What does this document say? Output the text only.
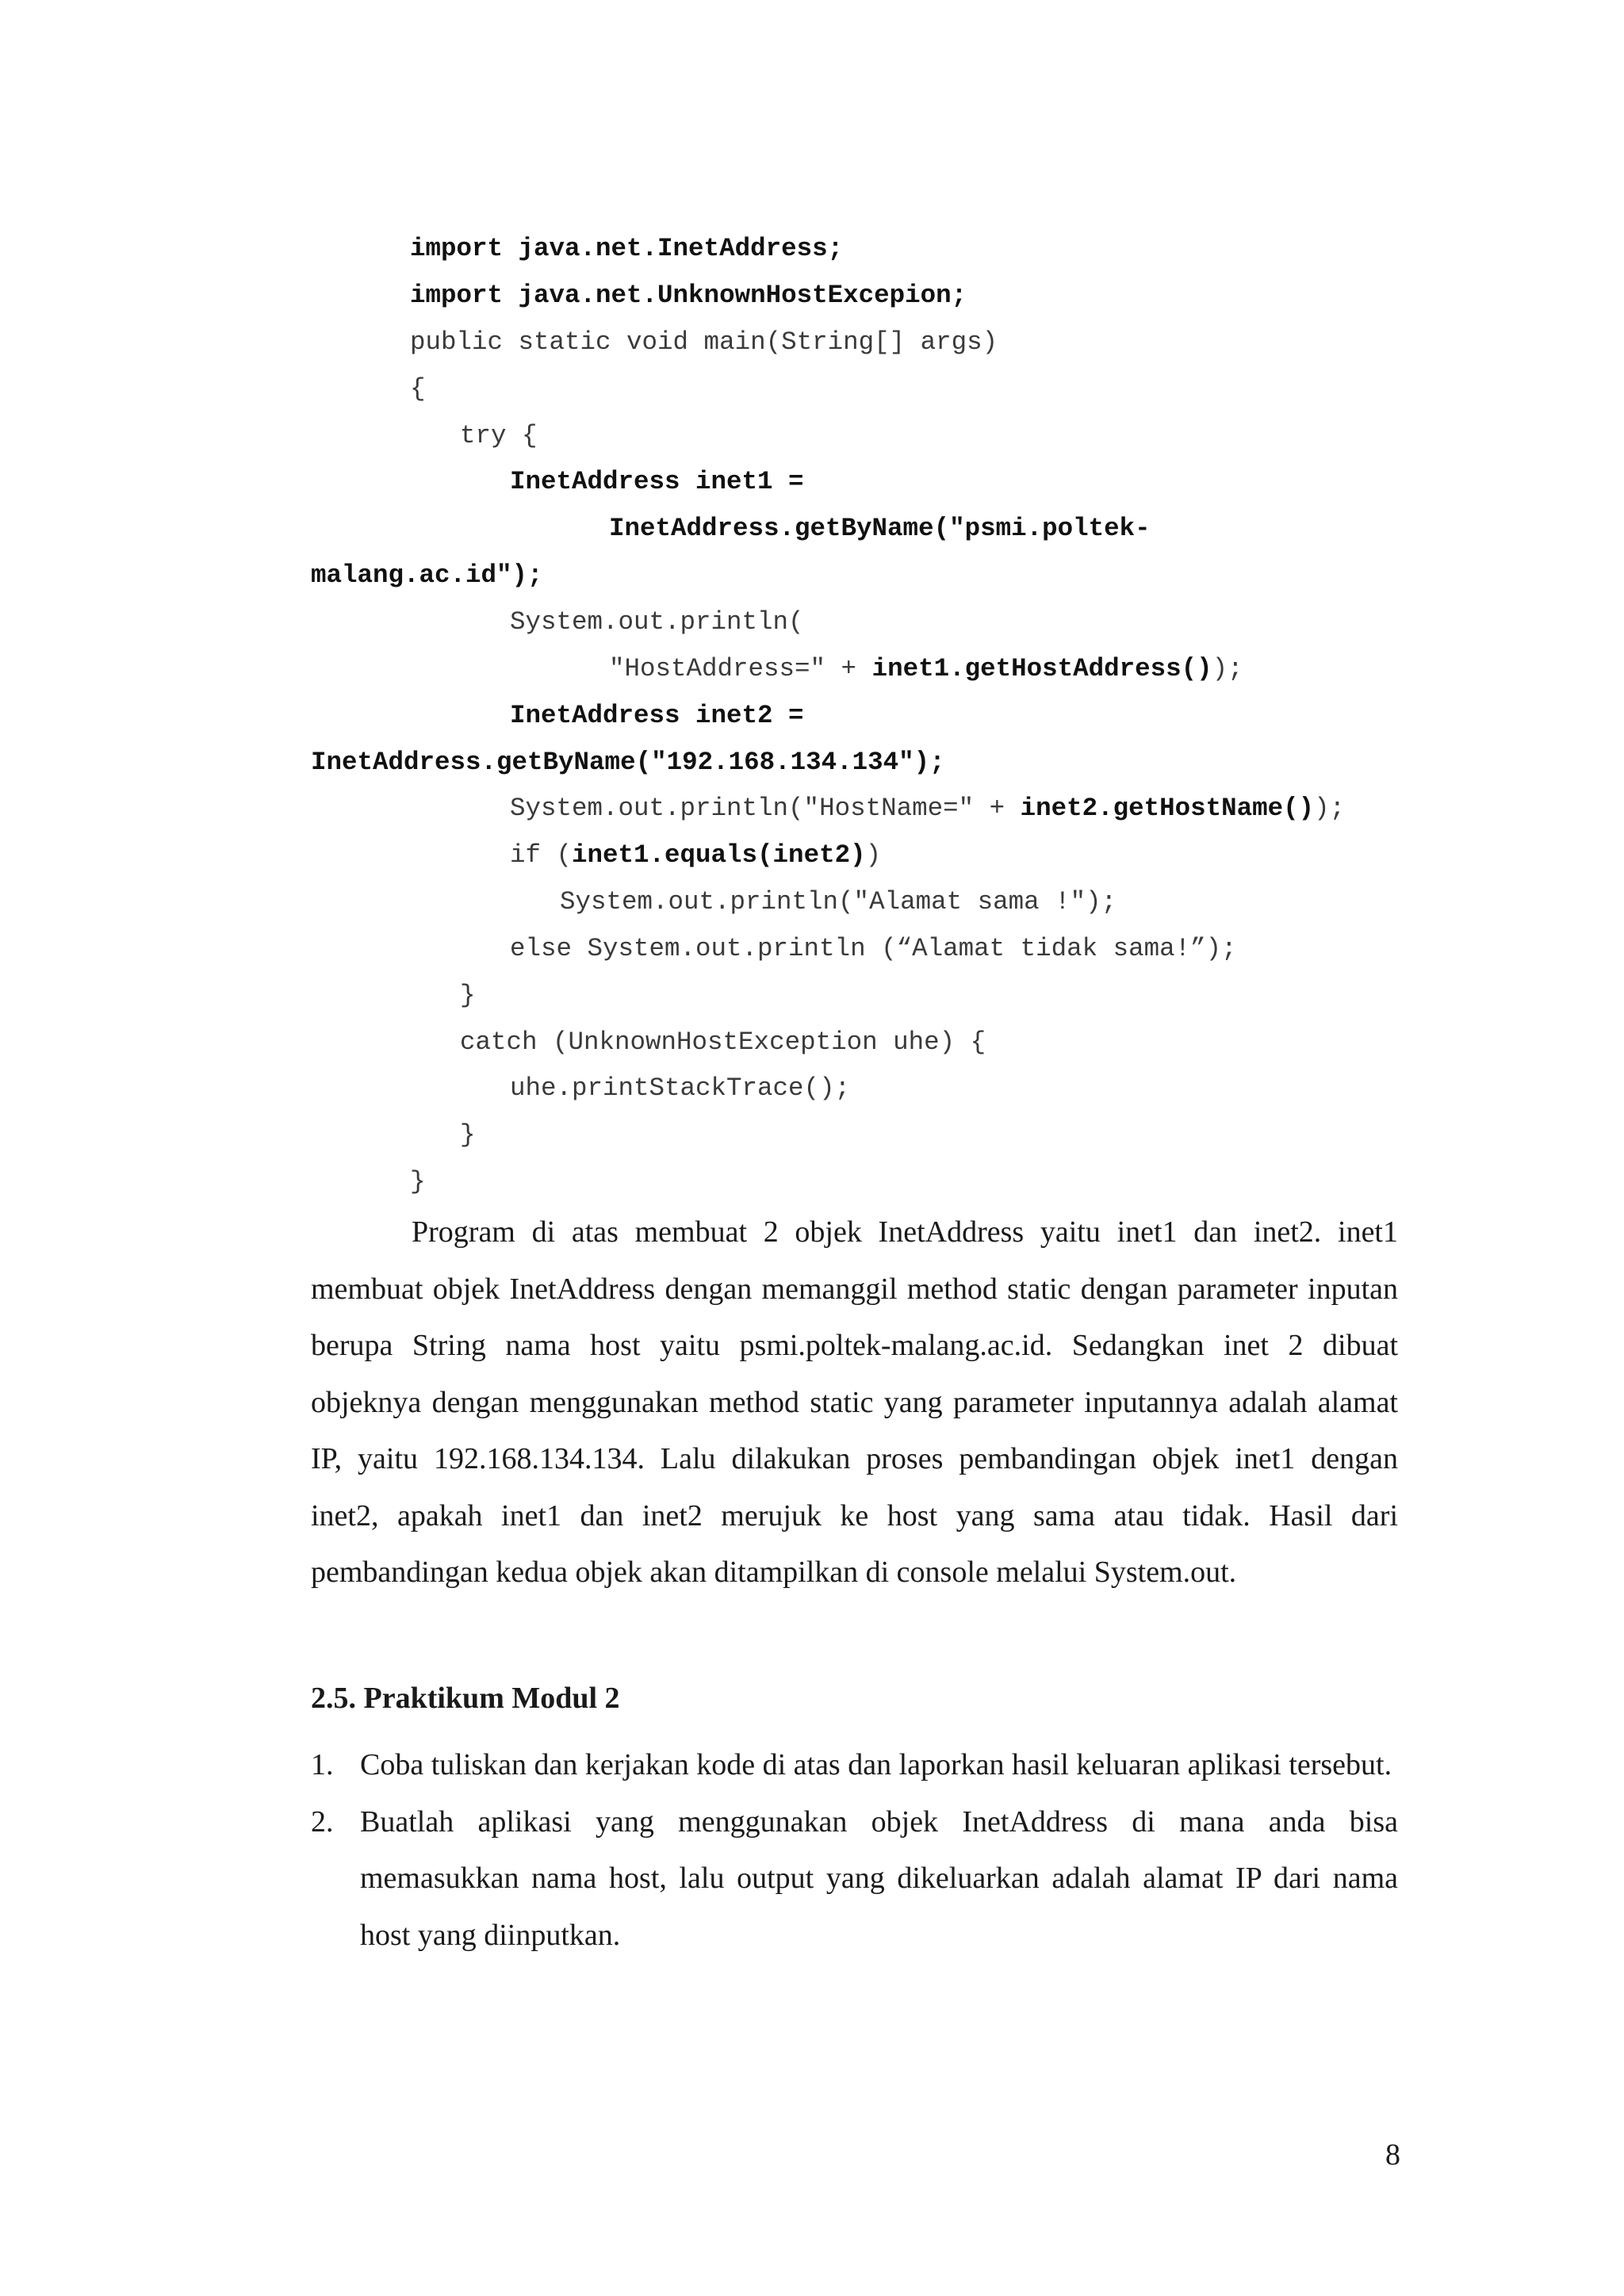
import java.net.InetAddress;
import java.net.UnknownHostExcepion;
public static void main(String[] args)
{
try {
InetAddress inet1 =
InetAddress.getByName("psmi.poltek-
malang.ac.id");
System.out.println(
"HostAddress=" + inet1.getHostAddress());
InetAddress inet2 =
InetAddress.getByName("192.168.134.134");
System.out.println("HostName=" + inet2.getHostName());
if (inet1.equals(inet2))
System.out.println("Alamat sama !");
else System.out.println (“Alamat tidak sama!”);
}
catch (UnknownHostException uhe) {
uhe.printStackTrace();
}
}

Program di atas membuat 2 objek InetAddress yaitu inet1 dan inet2. inet1 membuat objek InetAddress dengan memanggil method static dengan parameter inputan berupa String nama host yaitu psmi.poltek-malang.ac.id. Sedangkan inet 2 dibuat objeknya dengan menggunakan method static yang parameter inputannya adalah alamat IP, yaitu 192.168.134.134. Lalu dilakukan proses pembandingan objek inet1 dengan inet2, apakah inet1 dan inet2 merujuk ke host yang sama atau tidak. Hasil dari pembandingan kedua objek akan ditampilkan di console melalui System.out.

2.5. Praktikum Modul 2
1. Coba tuliskan dan kerjakan kode di atas dan laporkan hasil keluaran aplikasi tersebut.
2. Buatlah aplikasi yang menggunakan objek InetAddress di mana anda bisa memasukkan nama host, lalu output yang dikeluarkan adalah alamat IP dari nama host yang diinputkan.
8
